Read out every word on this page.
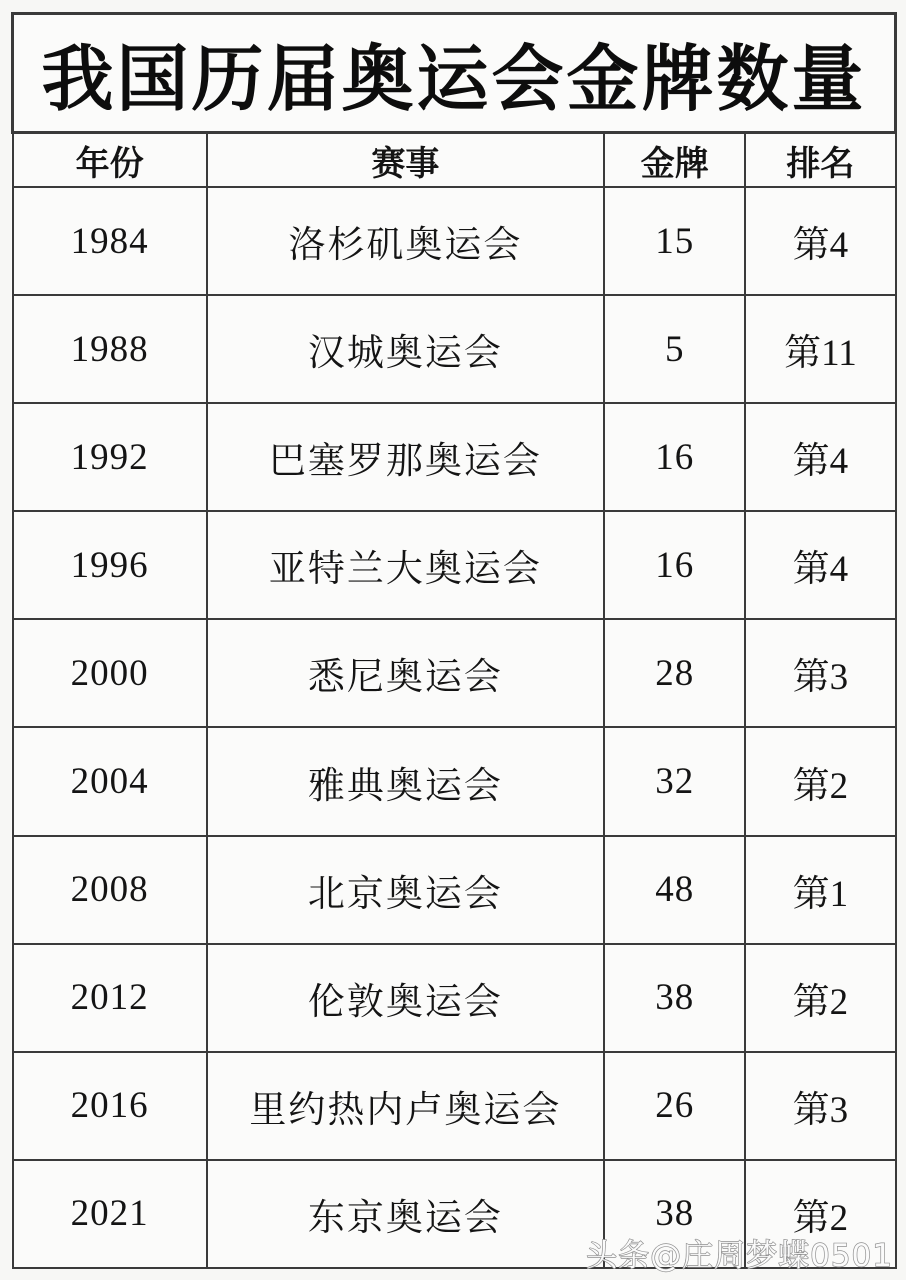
我国历届奥运会金牌数量			
年份	赛事	金牌	排名
1984	洛杉矶奥运会	15	第4
1988	汉城奥运会	5	第11
1992	巴塞罗那奥运会	16	第4
1996	亚特兰大奥运会	16	第4
2000	悉尼奥运会	28	第3
2004	雅典奥运会	32	第2
2008	北京奥运会	48	第1
2012	伦敦奥运会	38	第2
2016	里约热内卢奥运会	26	第3
2021	东京奥运会	38	第2
头条@庄周梦蝶0501
